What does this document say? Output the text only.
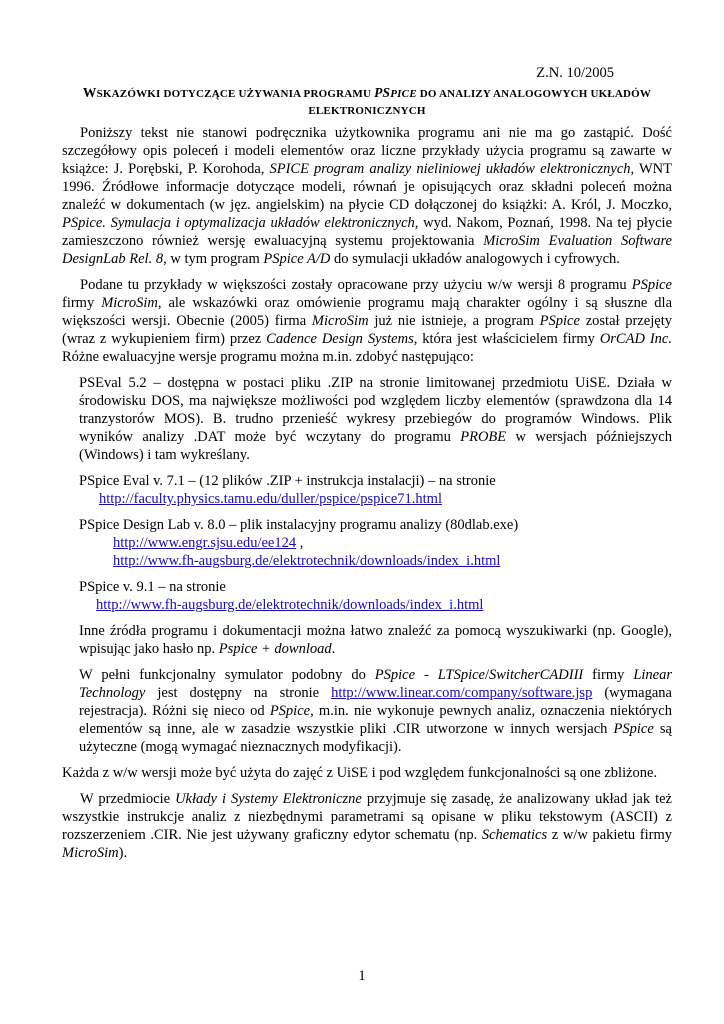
Z.N. 10/2005
WSKAZÓWKI DOTYCZĄCE UŻYWANIA PROGRAMU PSPICE DO ANALIZY ANALOGOWYCH UKŁADÓW
ELEKTRONICZNYCH

Poniższy tekst nie stanowi podręcznika użytkownika programu ani nie ma go zastąpić. Dość szczegółowy opis poleceń i modeli elementów oraz liczne przykłady użycia programu są zawarte w książce: J. Porębski, P. Korohoda, SPICE program analizy nieliniowej układów elektronicznych, WNT 1996. Źródłowe informacje dotyczące modeli, równań je opisujących oraz składni poleceń można znaleźć w dokumentach (w jęz. angielskim) na płycie CD dołączonej do książki: A. Król, J. Moczko, PSpice. Symulacja i optymalizacja układów elektronicznych, wyd. Nakom, Poznań, 1998. Na tej płycie zamieszczono również wersję ewaluacyjną systemu projektowania MicroSim Evaluation Software DesignLab Rel. 8, w tym program PSpice A/D do symulacji układów analogowych i cyfrowych.

Podane tu przykłady w większości zostały opracowane przy użyciu w/w wersji 8 programu PSpice firmy MicroSim, ale wskazówki oraz omówienie programu mają charakter ogólny i są słuszne dla większości wersji. Obecnie (2005) firma MicroSim już nie istnieje, a program PSpice został przejęty (wraz z wykupieniem firm) przez Cadence Design Systems, która jest właścicielem firmy OrCAD Inc. Różne ewaluacyjne wersje programu można m.in. zdobyć następująco:

PSEval 5.2 – dostępna w postaci pliku .ZIP na stronie limitowanej przedmiotu UiSE. Działa w środowisku DOS, ma największe możliwości pod względem liczby elementów (sprawdzona dla 14 tranzystorów MOS). B. trudno przenieść wykresy przebiegów do programów Windows. Plik wyników analizy .DAT może być wczytany do programu PROBE w wersjach późniejszych (Windows) i tam wykreślany.

PSpice Eval v. 7.1 – (12 plików .ZIP + instrukcja instalacji) – na stronie
http://faculty.physics.tamu.edu/duller/pspice/pspice71.html
PSpice Design Lab v. 8.0 – plik instalacyjny programu analizy (80dlab.exe)
http://www.engr.sjsu.edu/ee124 ,
http://www.fh-augsburg.de/elektrotechnik/downloads/index_i.html
PSpice v. 9.1 – na stronie
http://www.fh-augsburg.de/elektrotechnik/downloads/index_i.html

Inne źródła programu i dokumentacji można łatwo znaleźć za pomocą wyszukiwarki (np. Google), wpisując jako hasło np. Pspice + download.

W pełni funkcjonalny symulator podobny do PSpice - LTSpice/SwitcherCADIII firmy Linear Technology jest dostępny na stronie http://www.linear.com/company/software.jsp (wymagana rejestracja). Różni się nieco od PSpice, m.in. nie wykonuje pewnych analiz, oznaczenia niektórych elementów są inne, ale w zasadzie wszystkie pliki .CIR utworzone w innych wersjach PSpice są użyteczne (mogą wymagać nieznacznych modyfikacji).

Każda z w/w wersji może być użyta do zajęć z UiSE i pod względem funkcjonalności są one zbliżone.

W przedmiocie Układy i Systemy Elektroniczne przyjmuje się zasadę, że analizowany układ jak też wszystkie instrukcje analiz z niezbędnymi parametrami są opisane w pliku tekstowym (ASCII) z rozszerzeniem .CIR. Nie jest używany graficzny edytor schematu (np. Schematics z w/w pakietu firmy MicroSim).

1
